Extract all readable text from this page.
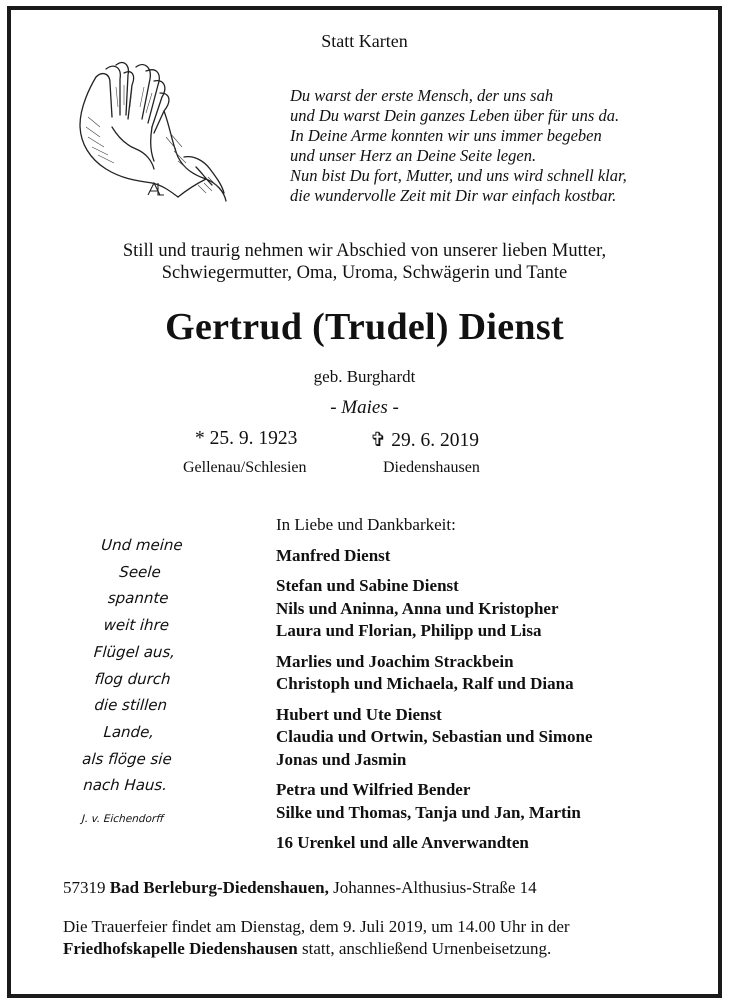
Statt Karten
Du warst der erste Mensch, der uns sah
und Du warst Dein ganzes Leben über für uns da.
In Deine Arme konnten wir uns immer begeben
und unser Herz an Deine Seite legen.
Nun bist Du fort, Mutter, und uns wird schnell klar,
die wundervolle Zeit mit Dir war einfach kostbar.
Still und traurig nehmen wir Abschied von unserer lieben Mutter,
Schwiegermutter, Oma, Uroma, Schwägerin und Tante
Gertrud (Trudel) Dienst
geb. Burghardt
- Maies -
* 25. 9. 1923	✞ 29. 6. 2019
Gellenau/Schlesien	Diedenshausen
Und meine
Seele
spannte
weit ihre
Flügel aus,
flog durch
die stillen
Lande,
als flöge sie
nach Haus.
J. v. Eichendorff
In Liebe und Dankbarkeit:
Manfred Dienst
Stefan und Sabine Dienst
Nils und Aninna, Anna und Kristopher
Laura und Florian, Philipp und Lisa
Marlies und Joachim Strackbein
Christoph und Michaela, Ralf und Diana
Hubert und Ute Dienst
Claudia und Ortwin, Sebastian und Simone
Jonas und Jasmin
Petra und Wilfried Bender
Silke und Thomas, Tanja und Jan, Martin
16 Urenkel und alle Anverwandten
57319 Bad Berleburg-Diedenshauen, Johannes-Althusius-Straße 14
Die Trauerfeier findet am Dienstag, dem 9. Juli 2019, um 14.00 Uhr in der
Friedhofskapelle Diedenshausen statt, anschließend Urnenbeisetzung.
